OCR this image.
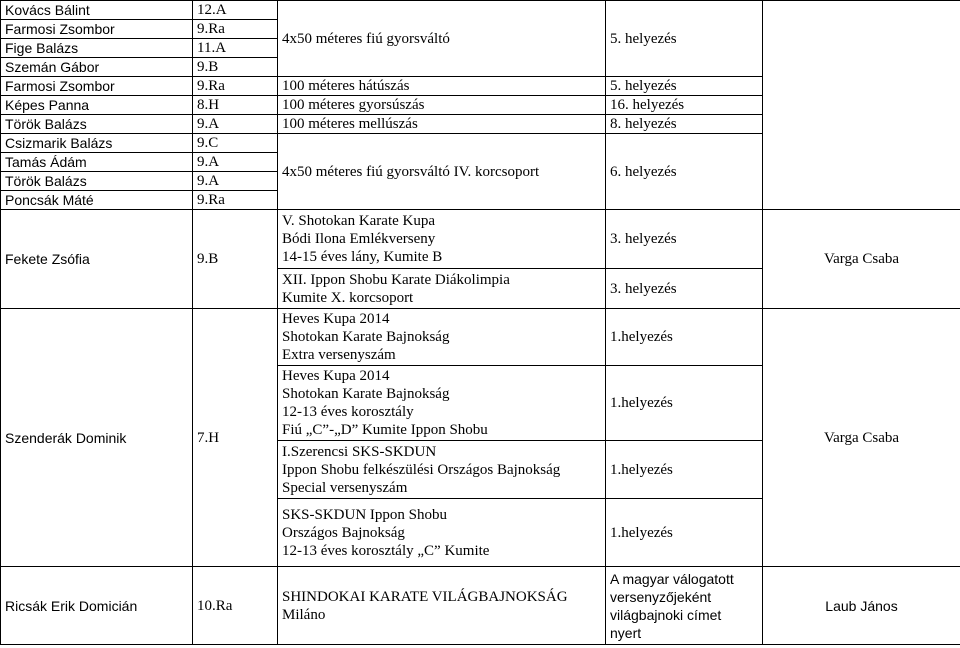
Kovács Bálint	12.A	4x50 méteres fiú gyorsváltó	5. helyezés	
Farmosi Zsombor	9.Ra			
Fige Balázs	11.A			
Szemán Gábor	9.B			
Farmosi Zsombor	9.Ra	100 méteres hátúszás	5. helyezés	
Képes Panna	8.H	100 méteres gyorsúszás	16. helyezés	
Török Balázs	9.A	100 méteres mellúszás	8. helyezés	
Csizmarik Balázs	9.C	4x50 méteres fiú gyorsváltó IV. korcsoport	6. helyezés	
Tamás Ádám	9.A			
Török Balázs	9.A			
Poncsák Máté	9.Ra			
Fekete Zsófia	9.B	V. Shotokan Karate Kupa
Bódi Ilona Emlékverseny
14-15 éves lány, Kumite B	3. helyezés	Varga Csaba

		XII. Ippon Shobu Karate Diákolimpia
Kumite X. korcsoport	3. helyezés	
Szenderák Dominik	7.H	Heves Kupa 2014
Shotokan Karate Bajnokság
Extra versenyszám	1.helyezés	Varga Csaba

		Heves Kupa 2014
Shotokan Karate Bajnokság
12-13 éves korosztály
Fiú „C”-„D” Kumite Ippon Shobu	1.helyezés	

		I.Szerencsi SKS-SKDUN
Ippon Shobu felkészülési Országos Bajnokság
Special versenyszám	1.helyezés	

		SKS-SKDUN Ippon Shobu
Országos Bajnokság
12-13 éves korosztály „C” Kumite	1.helyezés	
Ricsák Erik Domicián	10.Ra	SHINDOKAI KARATE VILÁGBAJNOKSÁG
Miláno	A magyar válogatott
versenyzőjeként
világbajnoki címet
nyert	Laub János
